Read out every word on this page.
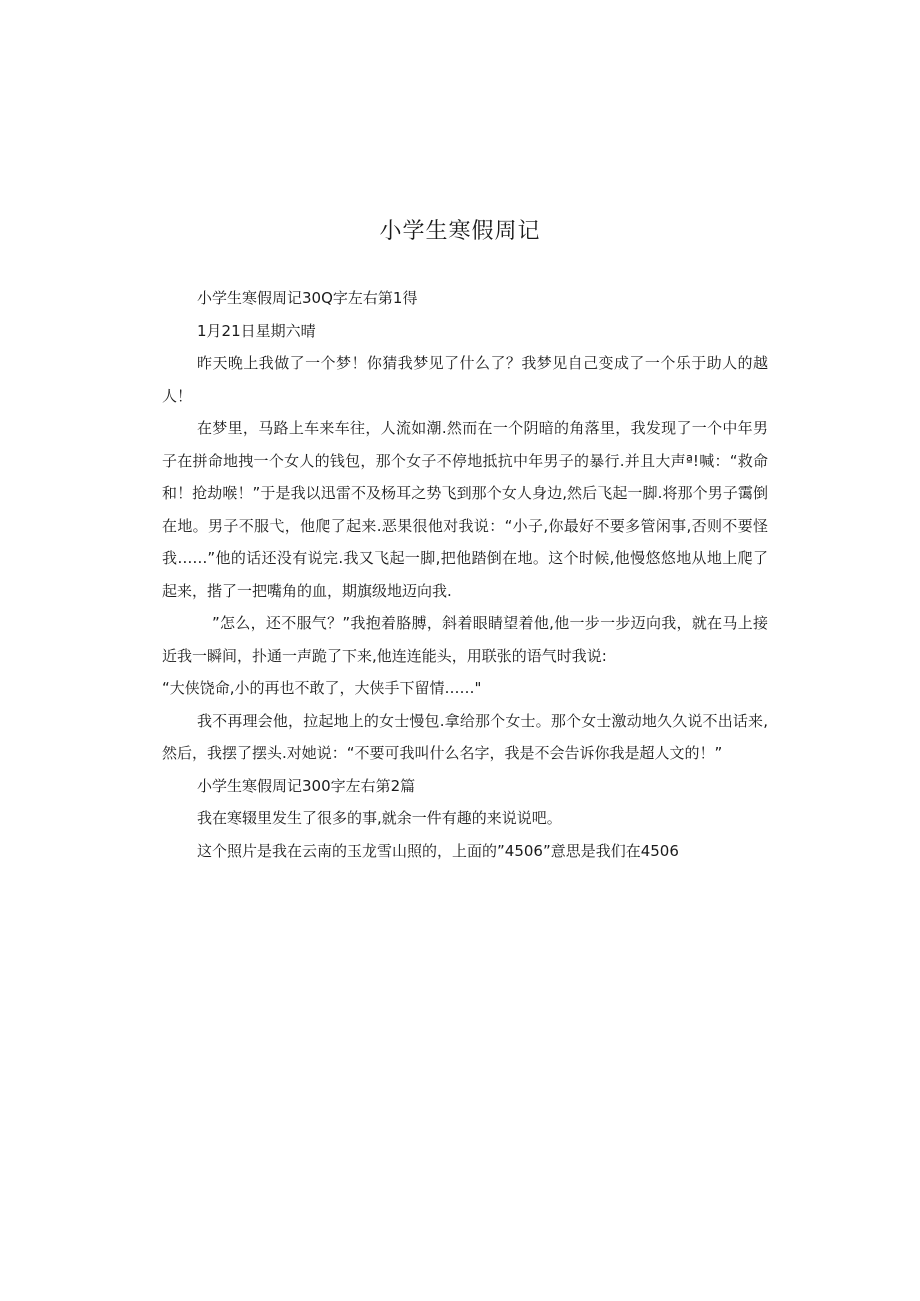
小学生寒假周记

小学生寒假周记30Q字左右第1得

1月21日星期六晴

昨天晚上我做了一个梦！你猜我梦见了什么了？我梦见自己变成了一个乐于助人的越人！

在梦里，马路上车来车往，人流如潮.然而在一个阴暗的角落里，我发现了一个中年男子在拼命地拽一个女人的钱包，那个女子不停地抵抗中年男子的暴行.并且大声ª!喊：“救命和！抢劫喉！”于是我以迅雷不及杨耳之势飞到那个女人身边,然后飞起一脚.将那个男子霭倒在地。男子不服弋，他爬了起来.恶果很他对我说：“小子,你最好不要多管闲事,否则不要怪我……”他的话还没有说完.我又飞起一脚,把他踏倒在地。这个时候,他慢悠悠地从地上爬了起来，揩了一把嘴角的血，期旗级地迈向我.

”怎么，还不服气？”我抱着胳膊，斜着眼睛望着他,他一步一步迈向我，就在马上接近我一瞬间，扑通一声跪了下来,他连连能头，用联张的语气时我说:

“大侠饶命,小的再也不敢了，大侠手下留情……"

我不再理会他，拉起地上的女士慢包.拿给那个女士。那个女士激动地久久说不出话来,然后，我摆了摆头.对她说：“不要可我叫什么名字，我是不会告诉你我是超人文的！”

小学生寒假周记300字左右第2篇

我在寒辍里发生了很多的事,就余一件有趣的来说说吧。

这个照片是我在云南的玉龙雪山照的，上面的”4506”意思是我们在4506
